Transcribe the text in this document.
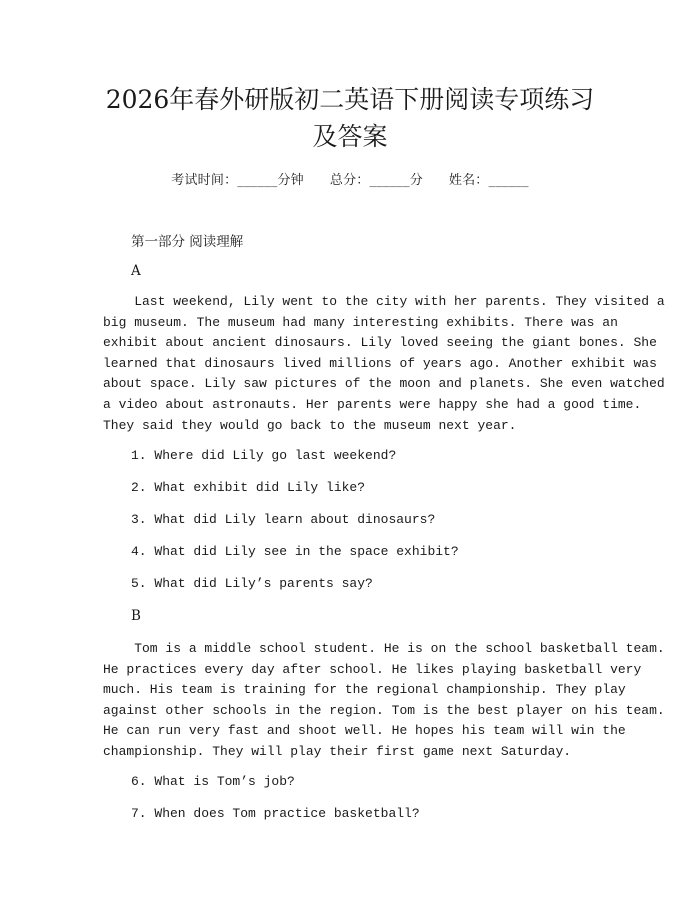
2026年春外研版初二英语下册阅读专项练习
及答案
考试时间：______分钟 总分：______分 姓名：______
第一部分 阅读理解
A
Last weekend, Lily went to the city with her parents. They visited a
big museum. The museum had many interesting exhibits. There was an
exhibit about ancient dinosaurs. Lily loved seeing the giant bones. She
learned that dinosaurs lived millions of years ago. Another exhibit was
about space. Lily saw pictures of the moon and planets. She even watched
a video about astronauts. Her parents were happy she had a good time.
They said they would go back to the museum next year.
1. Where did Lily go last weekend?
2. What exhibit did Lily like?
3. What did Lily learn about dinosaurs?
4. What did Lily see in the space exhibit?
5. What did Lily’s parents say?
B
Tom is a middle school student. He is on the school basketball team.
He practices every day after school. He likes playing basketball very
much. His team is training for the regional championship. They play
against other schools in the region. Tom is the best player on his team.
He can run very fast and shoot well. He hopes his team will win the
championship. They will play their first game next Saturday.
6. What is Tom’s job?
7. When does Tom practice basketball?
